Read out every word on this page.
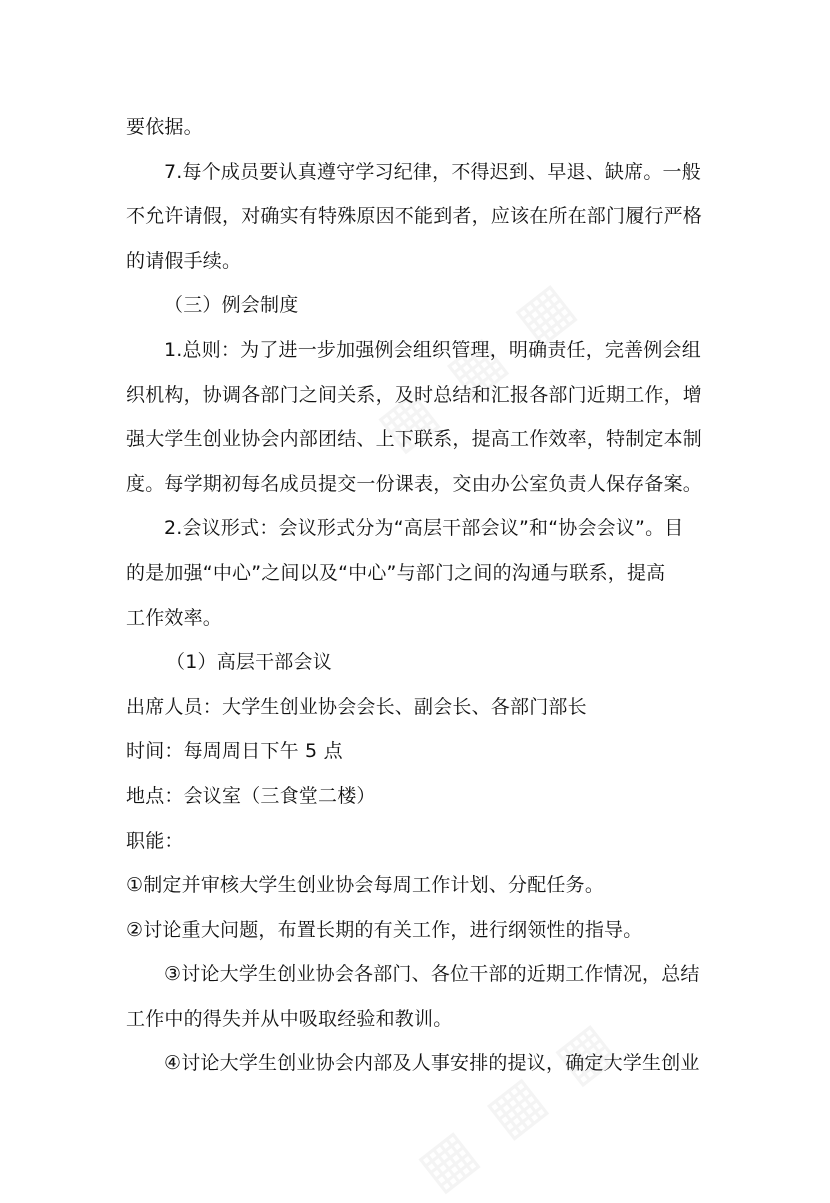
要依据。
7.每个成员要认真遵守学习纪律，不得迟到、早退、缺席。一般
不允许请假，对确实有特殊原因不能到者，应该在所在部门履行严格
的请假手续。
（三）例会制度
1.总则：为了进一步加强例会组织管理，明确责任，完善例会组
织机构，协调各部门之间关系，及时总结和汇报各部门近期工作，增
强大学生创业协会内部团结、上下联系，提高工作效率，特制定本制
度。每学期初每名成员提交一份课表，交由办公室负责人保存备案。
2.会议形式：会议形式分为“高层干部会议”和“协会会议”。目
的是加强“中心”之间以及“中心”与部门之间的沟通与联系，提高
工作效率。
（1）高层干部会议
出席人员：大学生创业协会会长、副会长、各部门部长
时间：每周周日下午 5 点
地点：会议室（三食堂二楼）
职能：
①制定并审核大学生创业协会每周工作计划、分配任务。
②讨论重大问题，布置长期的有关工作，进行纲领性的指导。
③讨论大学生创业协会各部门、各位干部的近期工作情况，总结
工作中的得失并从中吸取经验和教训。
④讨论大学生创业协会内部及人事安排的提议，确定大学生创业
